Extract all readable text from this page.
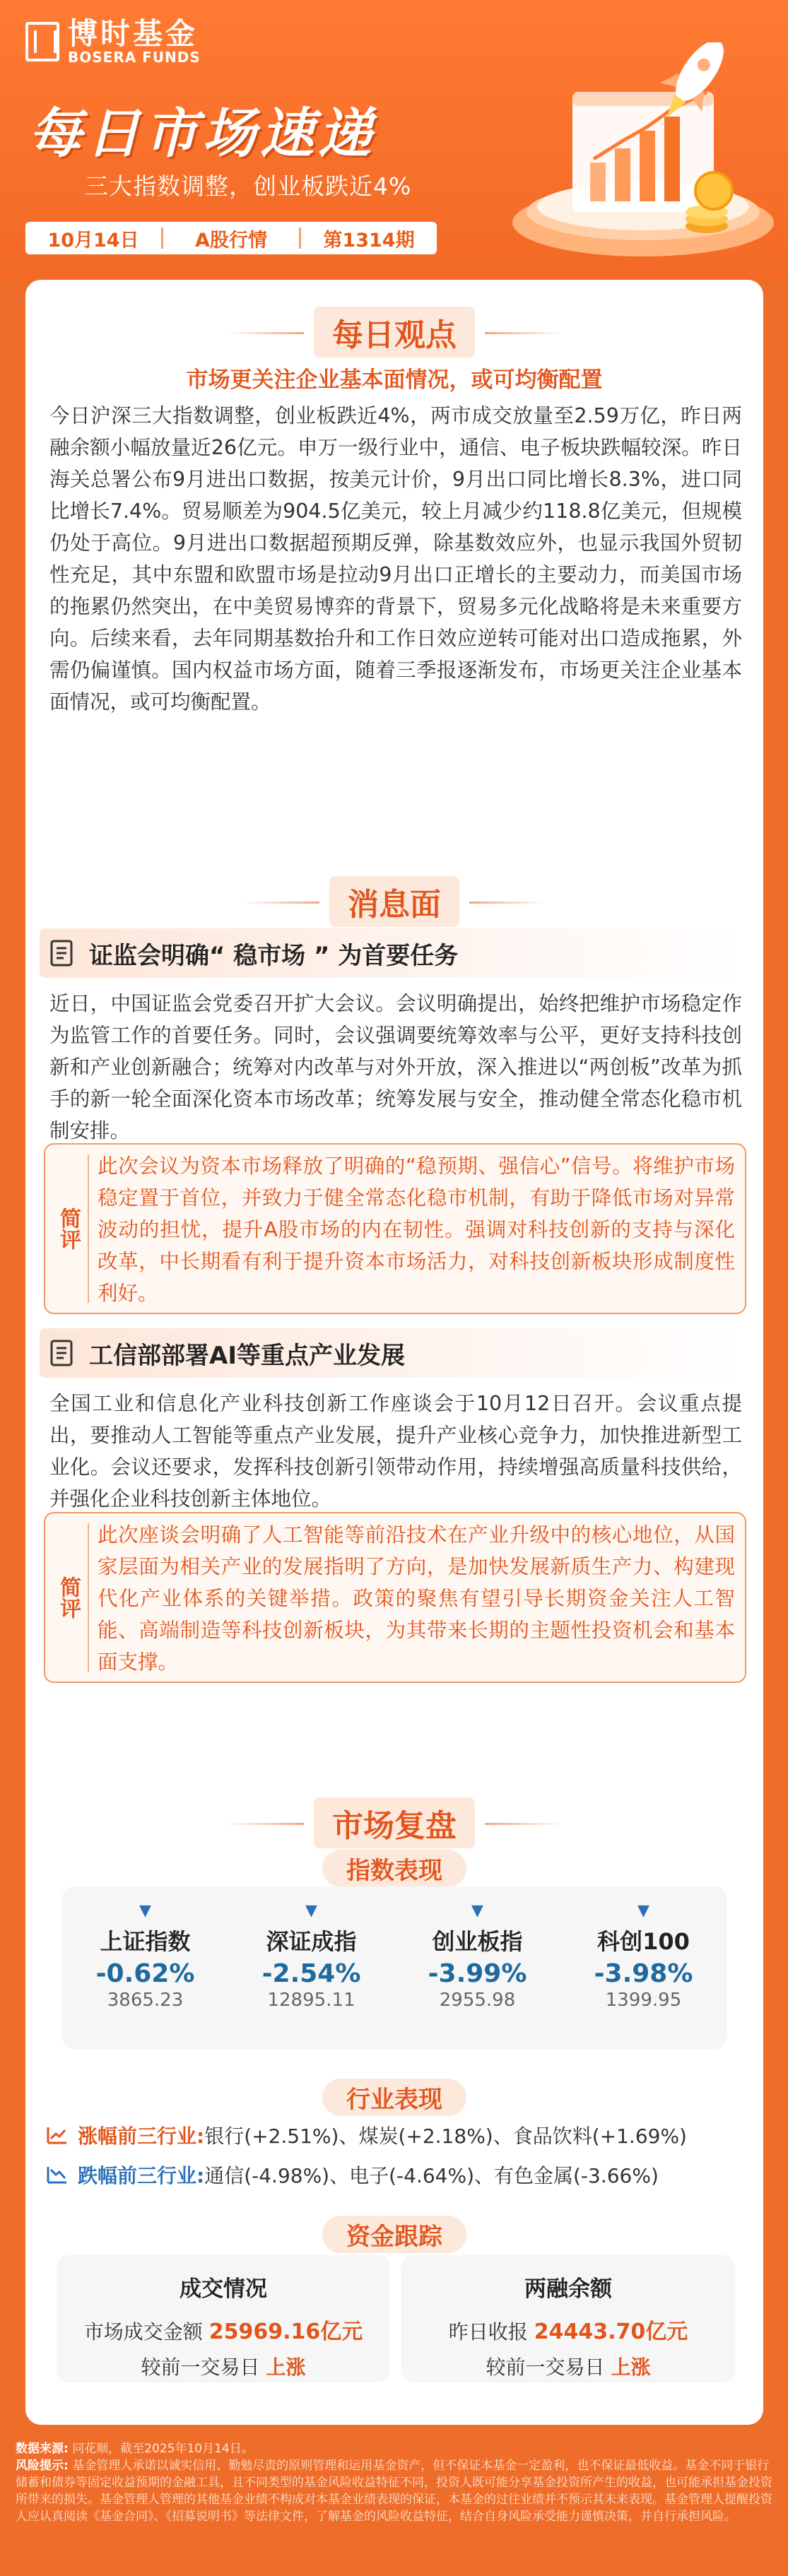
博时基金
BOSERA FUNDS
每日市场速递
三大指数调整，创业板跌近4%
10月14日	A股行情	第1314期
每日观点
市场更关注企业基本面情况，或可均衡配置
今日沪深三大指数调整，创业板跌近4%，两市成交放量至2.59万亿，昨日两融余额小幅放量近26亿元。申万一级行业中，通信、电子板块跌幅较深。昨日海关总署公布9月进出口数据，按美元计价，9月出口同比增长8.3%，进口同比增长7.4%。贸易顺差为904.5亿美元，较上月减少约118.8亿美元，但规模仍处于高位。9月进出口数据超预期反弹，除基数效应外，也显示我国外贸韧性充足，其中东盟和欧盟市场是拉动9月出口正增长的主要动力，而美国市场的拖累仍然突出，在中美贸易博弈的背景下，贸易多元化战略将是未来重要方向。后续来看，去年同期基数抬升和工作日效应逆转可能对出口造成拖累，外需仍偏谨慎。国内权益市场方面，随着三季报逐渐发布，市场更关注企业基本面情况，或可均衡配置。
消息面
证监会明确“ 稳市场 ” 为首要任务
近日，中国证监会党委召开扩大会议。会议明确提出，始终把维护市场稳定作为监管工作的首要任务。同时，会议强调要统筹效率与公平，更好支持科技创新和产业创新融合；统筹对内改革与对外开放，深入推进以“两创板”改革为抓手的新一轮全面深化资本市场改革；统筹发展与安全，推动健全常态化稳市机制安排。
简评
此次会议为资本市场释放了明确的“稳预期、强信心”信号。将维护市场稳定置于首位，并致力于健全常态化稳市机制，有助于降低市场对异常波动的担忧，提升A股市场的内在韧性。强调对科技创新的支持与深化改革，中长期看有利于提升资本市场活力，对科技创新板块形成制度性利好。
工信部部署AI等重点产业发展
全国工业和信息化产业科技创新工作座谈会于10月12日召开。会议重点提出，要推动人工智能等重点产业发展，提升产业核心竞争力，加快推进新型工业化。会议还要求，发挥科技创新引领带动作用，持续增强高质量科技供给，并强化企业科技创新主体地位。
简评
此次座谈会明确了人工智能等前沿技术在产业升级中的核心地位，从国家层面为相关产业的发展指明了方向，是加快发展新质生产力、构建现代化产业体系的关键举措。政策的聚焦有望引导长期资金关注人工智能、高端制造等科技创新板块，为其带来长期的主题性投资机会和基本面支撑。
市场复盘
指数表现
▼
上证指数
-0.62%
3865.23
▼
深证成指
-2.54%
12895.11
▼
创业板指
-3.99%
2955.98
▼
科创100
-3.98%
1399.95
行业表现
涨幅前三行业: 银行(+2.51%)、煤炭(+2.18%)、食品饮料(+1.69%)
跌幅前三行业: 通信(-4.98%)、电子(-4.64%)、有色金属(-3.66%)
资金跟踪
成交情况
市场成交金额 25969.16亿元
较前一交易日 上涨
两融余额
昨日收报 24443.70亿元
较前一交易日 上涨
数据来源: 同花顺，截至2025年10月14日。
风险提示: 基金管理人承诺以诚实信用、勤勉尽责的原则管理和运用基金资产，但不保证本基金一定盈利，也不保证最低收益。基金不同于银行储蓄和债券等固定收益预期的金融工具，且不同类型的基金风险收益特征不同，投资人既可能分享基金投资所产生的收益，也可能承担基金投资所带来的损失。基金管理人管理的其他基金业绩不构成对本基金业绩表现的保证，本基金的过往业绩并不预示其未来表现。基金管理人提醒投资人应认真阅读《基金合同》、《招募说明书》等法律文件，了解基金的风险收益特征，结合自身风险承受能力谨慎决策，并自行承担风险。
